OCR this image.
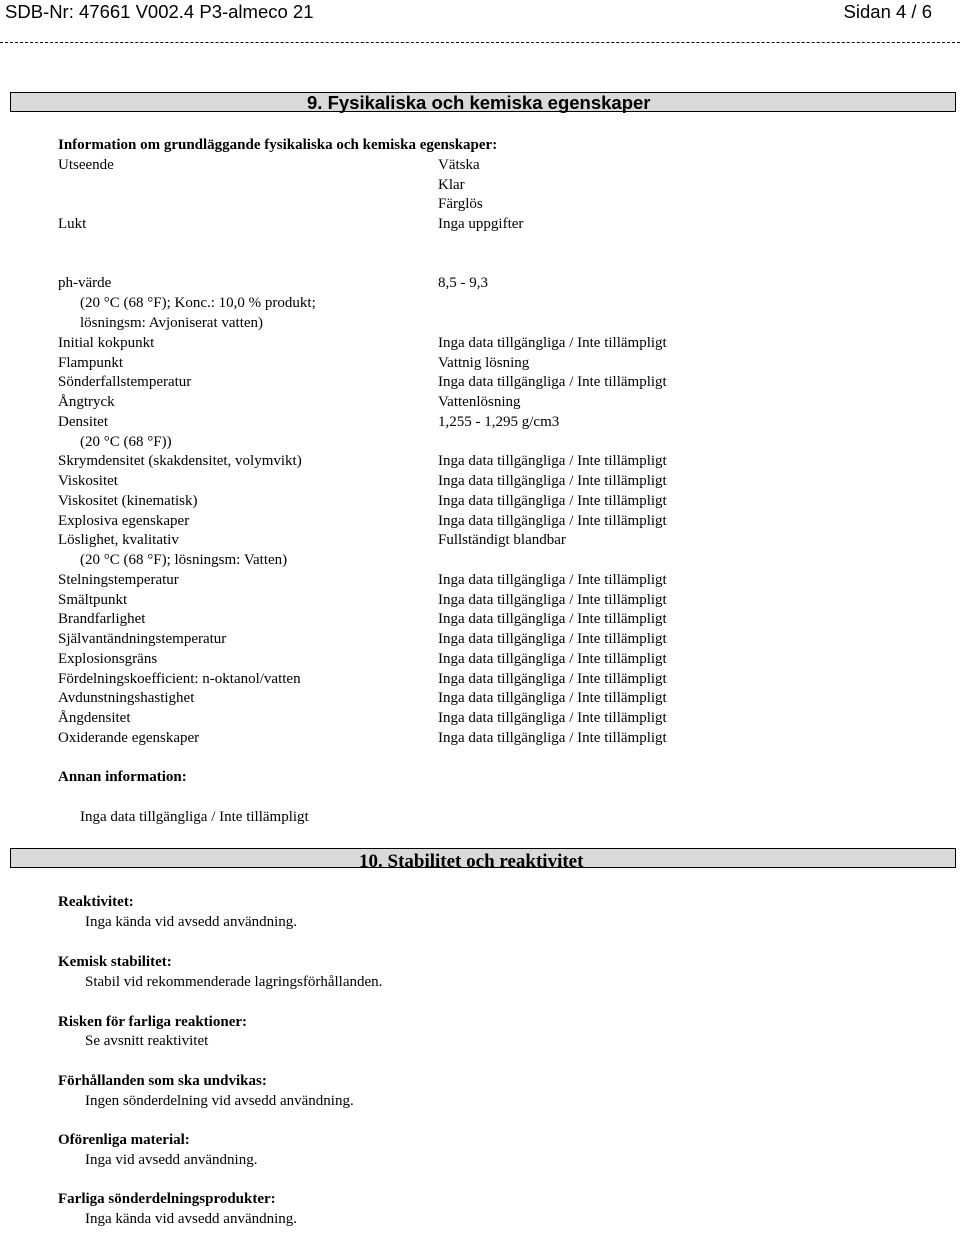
SDB-Nr: 47661 V002.4 P3-almeco 21	Sidan 4 / 6
9. Fysikaliska och kemiska egenskaper
Information om grundläggande fysikaliska och kemiska egenskaper:
Utseende	Vätska
Klar
Färglös
Lukt	Inga uppgifter
ph-värde	8,5 - 9,3
(20 °C (68 °F); Konc.: 10,0 % produkt;
lösningsm: Avjoniserat vatten)
Initial kokpunkt	Inga data tillgängliga / Inte tillämpligt
Flampunkt	Vattnig lösning
Sönderfallstemperatur	Inga data tillgängliga / Inte tillämpligt
Ångtryck	Vattenlösning
Densitet	1,255 - 1,295 g/cm3
(20 °C (68 °F))
Skrymdensitet (skakdensitet, volymvikt)	Inga data tillgängliga / Inte tillämpligt
Viskositet	Inga data tillgängliga / Inte tillämpligt
Viskositet (kinematisk)	Inga data tillgängliga / Inte tillämpligt
Explosiva egenskaper	Inga data tillgängliga / Inte tillämpligt
Löslighet, kvalitativ	Fullständigt blandbar
(20 °C (68 °F); lösningsm: Vatten)
Stelningstemperatur	Inga data tillgängliga / Inte tillämpligt
Smältpunkt	Inga data tillgängliga / Inte tillämpligt
Brandfarlighet	Inga data tillgängliga / Inte tillämpligt
Självantändningstemperatur	Inga data tillgängliga / Inte tillämpligt
Explosionsgräns	Inga data tillgängliga / Inte tillämpligt
Fördelningskoefficient: n-oktanol/vatten	Inga data tillgängliga / Inte tillämpligt
Avdunstningshastighet	Inga data tillgängliga / Inte tillämpligt
Ångdensitet	Inga data tillgängliga / Inte tillämpligt
Oxiderande egenskaper	Inga data tillgängliga / Inte tillämpligt
Annan information:
Inga data tillgängliga / Inte tillämpligt
10. Stabilitet och reaktivitet
Reaktivitet:
Inga kända vid avsedd användning.
Kemisk stabilitet:
Stabil vid rekommenderade lagringsförhållanden.
Risken för farliga reaktioner:
Se avsnitt reaktivitet
Förhållanden som ska undvikas:
Ingen sönderdelning vid avsedd användning.
Oförenliga material:
Inga vid avsedd användning.
Farliga sönderdelningsprodukter:
Inga kända vid avsedd användning.
